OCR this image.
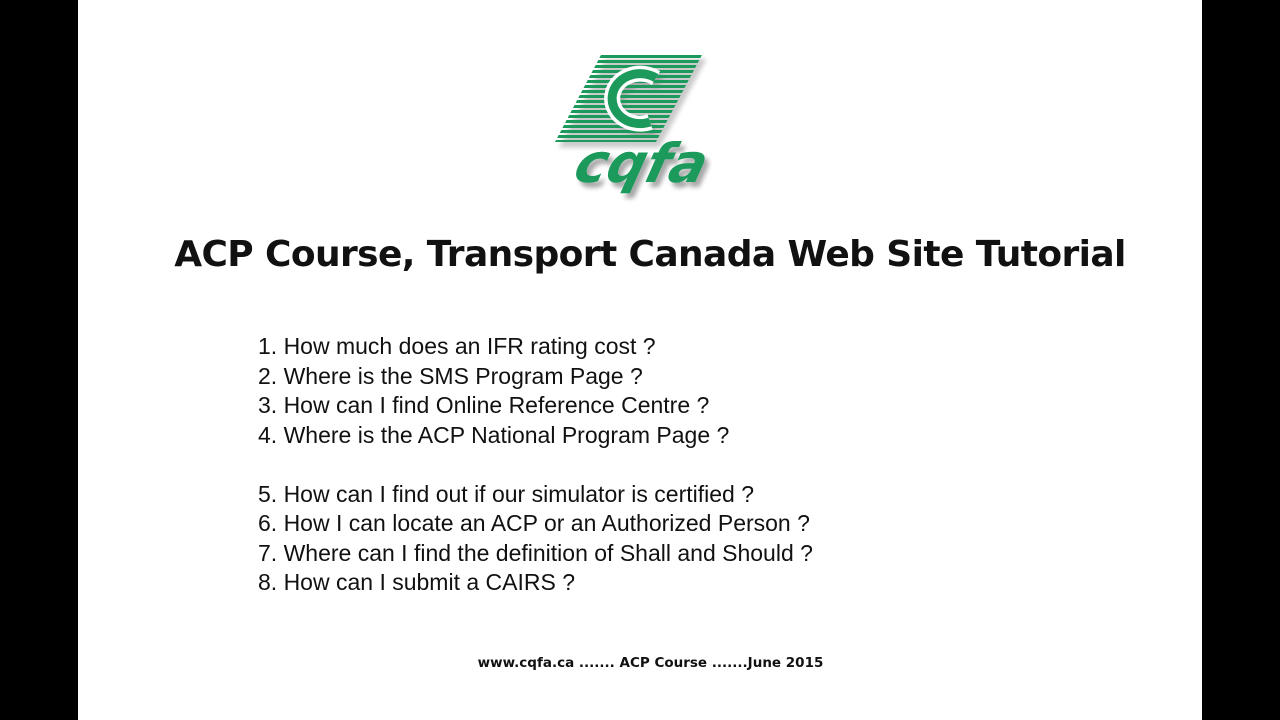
cqfa
ACP Course, Transport Canada Web Site Tutorial
1. How much does an IFR rating cost ?
2. Where is the SMS Program Page ?
3. How can I find Online Reference Centre ?
4. Where is the ACP National Program Page ?
5. How can I find out if our simulator is certified ?
6. How I can locate an ACP or an Authorized Person ?
7. Where can I find the definition of Shall and Should ?
8. How can I submit a CAIRS ?
www.cqfa.ca ....... ACP Course .......June 2015
